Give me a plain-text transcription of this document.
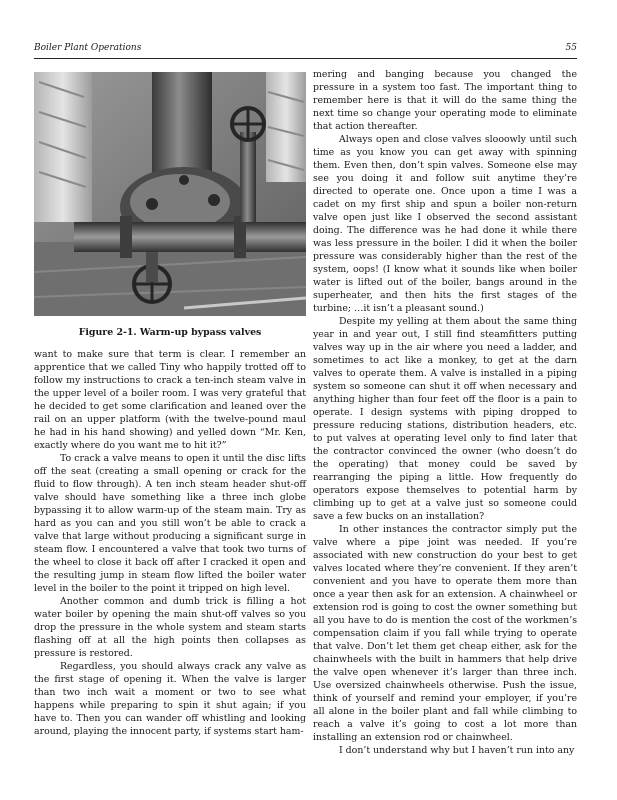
Boiler Plant Operations	55
Figure 2-1. Warm-up bypass valves

want to make sure that term is clear. I remember an apprentice that we called Tiny who happily trotted off to follow my instructions to crack a ten-inch steam valve in the upper level of a boiler room. I was very grateful that he decided to get some clarification and leaned over the rail on an upper platform (with the twelve-pound maul he had in his hand showing) and yelled down “Mr. Ken, exactly where do you want me to hit it?”

To crack a valve means to open it until the disc lifts off the seat (creating a small opening or crack for the fluid to flow through). A ten inch steam header shut-off valve should have something like a three inch globe bypassing it to allow warm-up of the steam main. Try as hard as you can and you still won’t be able to crack a valve that large without producing a significant surge in steam flow. I encountered a valve that took two turns of the wheel to close it back off after I cracked it open and the resulting jump in steam flow lifted the boiler water level in the boiler to the point it tripped on high level.

Another common and dumb trick is filling a hot water boiler by opening the main shut-off valves so you drop the pressure in the whole system and steam starts flashing off at all the high points then collapses as pressure is restored.

Regardless, you should always crack any valve as the first stage of opening it. When the valve is larger than two inch wait a moment or two to see what happens while preparing to spin it shut again; if you have to. Then you can wander off whistling and looking around, playing the innocent party, if systems start ham-

mering and banging because you changed the pressure in a system too fast. The important thing to remember here is that it will do the same thing the next time so change your operating mode to eliminate that action thereafter.

Always open and close valves slooowly until such time as you know you can get away with spinning them. Even then, don’t spin valves. Someone else may see you doing it and follow suit anytime they’re directed to operate one. Once upon a time I was a cadet on my first ship and spun a boiler non-return valve open just like I observed the second assistant doing. The difference was he had done it while there was less pressure in the boiler. I did it when the boiler pressure was considerably higher than the rest of the system, oops! (I know what it sounds like when boiler water is lifted out of the boiler, bangs around in the superheater, and then hits the first stages of the turbine; …it isn’t a pleasant sound.)

Despite my yelling at them about the same thing year in and year out, I still find steamfitters putting valves way up in the air where you need a ladder, and sometimes to act like a monkey, to get at the darn valves to operate them. A valve is installed in a piping system so someone can shut it off when necessary and anything higher than four feet off the floor is a pain to operate. I design systems with piping dropped to pressure reducing stations, distribution headers, etc. to put valves at operating level only to find later that the contractor convinced the owner (who doesn’t do the operating) that money could be saved by rearranging the piping a little. How frequently do operators expose themselves to potential harm by climbing up to get at a valve just so someone could save a few bucks on an installation?

In other instances the contractor simply put the valve where a pipe joint was needed. If you’re associated with new construction do your best to get valves located where they’re convenient. If they aren’t convenient and you have to operate them more than once a year then ask for an extension. A chainwheel or extension rod is going to cost the owner something but all you have to do is mention the cost of the workmen’s compensation claim if you fall while trying to operate that valve. Don’t let them get cheap either, ask for the chainwheels with the built in hammers that help drive the valve open whenever it’s larger than three inch. Use oversized chainwheels otherwise. Push the issue, think of yourself and remind your employer, if you’re all alone in the boiler plant and fall while climbing to reach a valve it’s going to cost a lot more than installing an extension rod or chainwheel.

I don’t understand why but I haven’t run into any
